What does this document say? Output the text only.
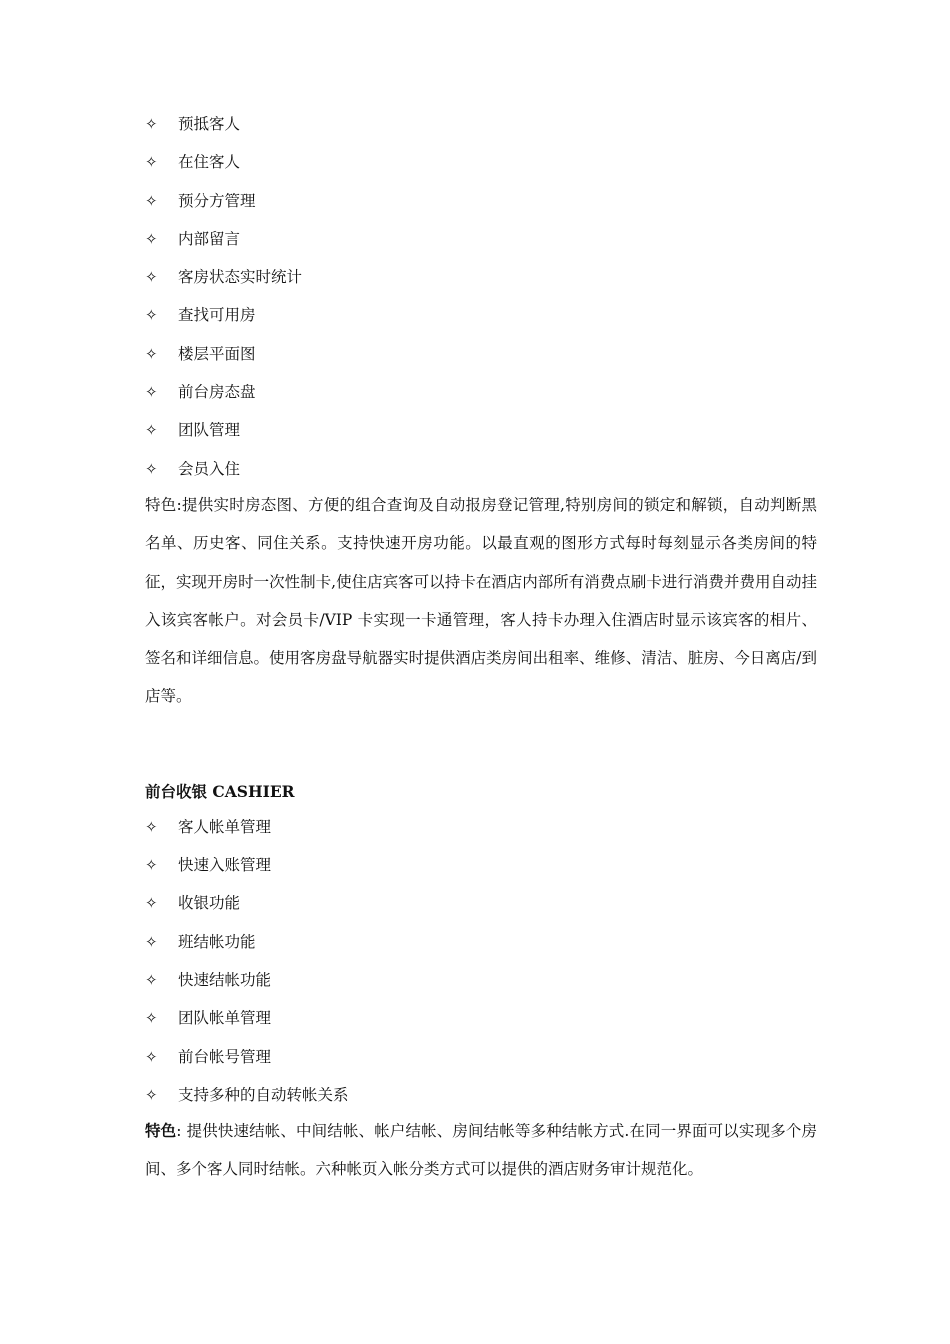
✧	预抵客人
✧	在住客人
✧	预分方管理
✧	内部留言
✧	客房状态实时统计
✧	查找可用房
✧	楼层平面图
✧	前台房态盘
✧	团队管理
✧	会员入住

特色:提供实时房态图、方便的组合查询及自动报房登记管理,特别房间的锁定和解锁，自动判断黑名单、历史客、同住关系。支持快速开房功能。以最直观的图形方式每时每刻显示各类房间的特征，实现开房时一次性制卡,使住店宾客可以持卡在酒店内部所有消费点刷卡进行消费并费用自动挂入该宾客帐户。对会员卡/VIP 卡实现一卡通管理，客人持卡办理入住酒店时显示该宾客的相片、签名和详细信息。使用客房盘导航器实时提供酒店类房间出租率、维修、清洁、脏房、今日离店/到店等。

前台收银 CASHIER
✧	客人帐单管理
✧	快速入账管理
✧	收银功能
✧	班结帐功能
✧	快速结帐功能
✧	团队帐单管理
✧	前台帐号管理
✧	支持多种的自动转帐关系

特色: 提供快速结帐、中间结帐、帐户结帐、房间结帐等多种结帐方式.在同一界面可以实现多个房间、多个客人同时结帐。六种帐页入帐分类方式可以提供的酒店财务审计规范化。
